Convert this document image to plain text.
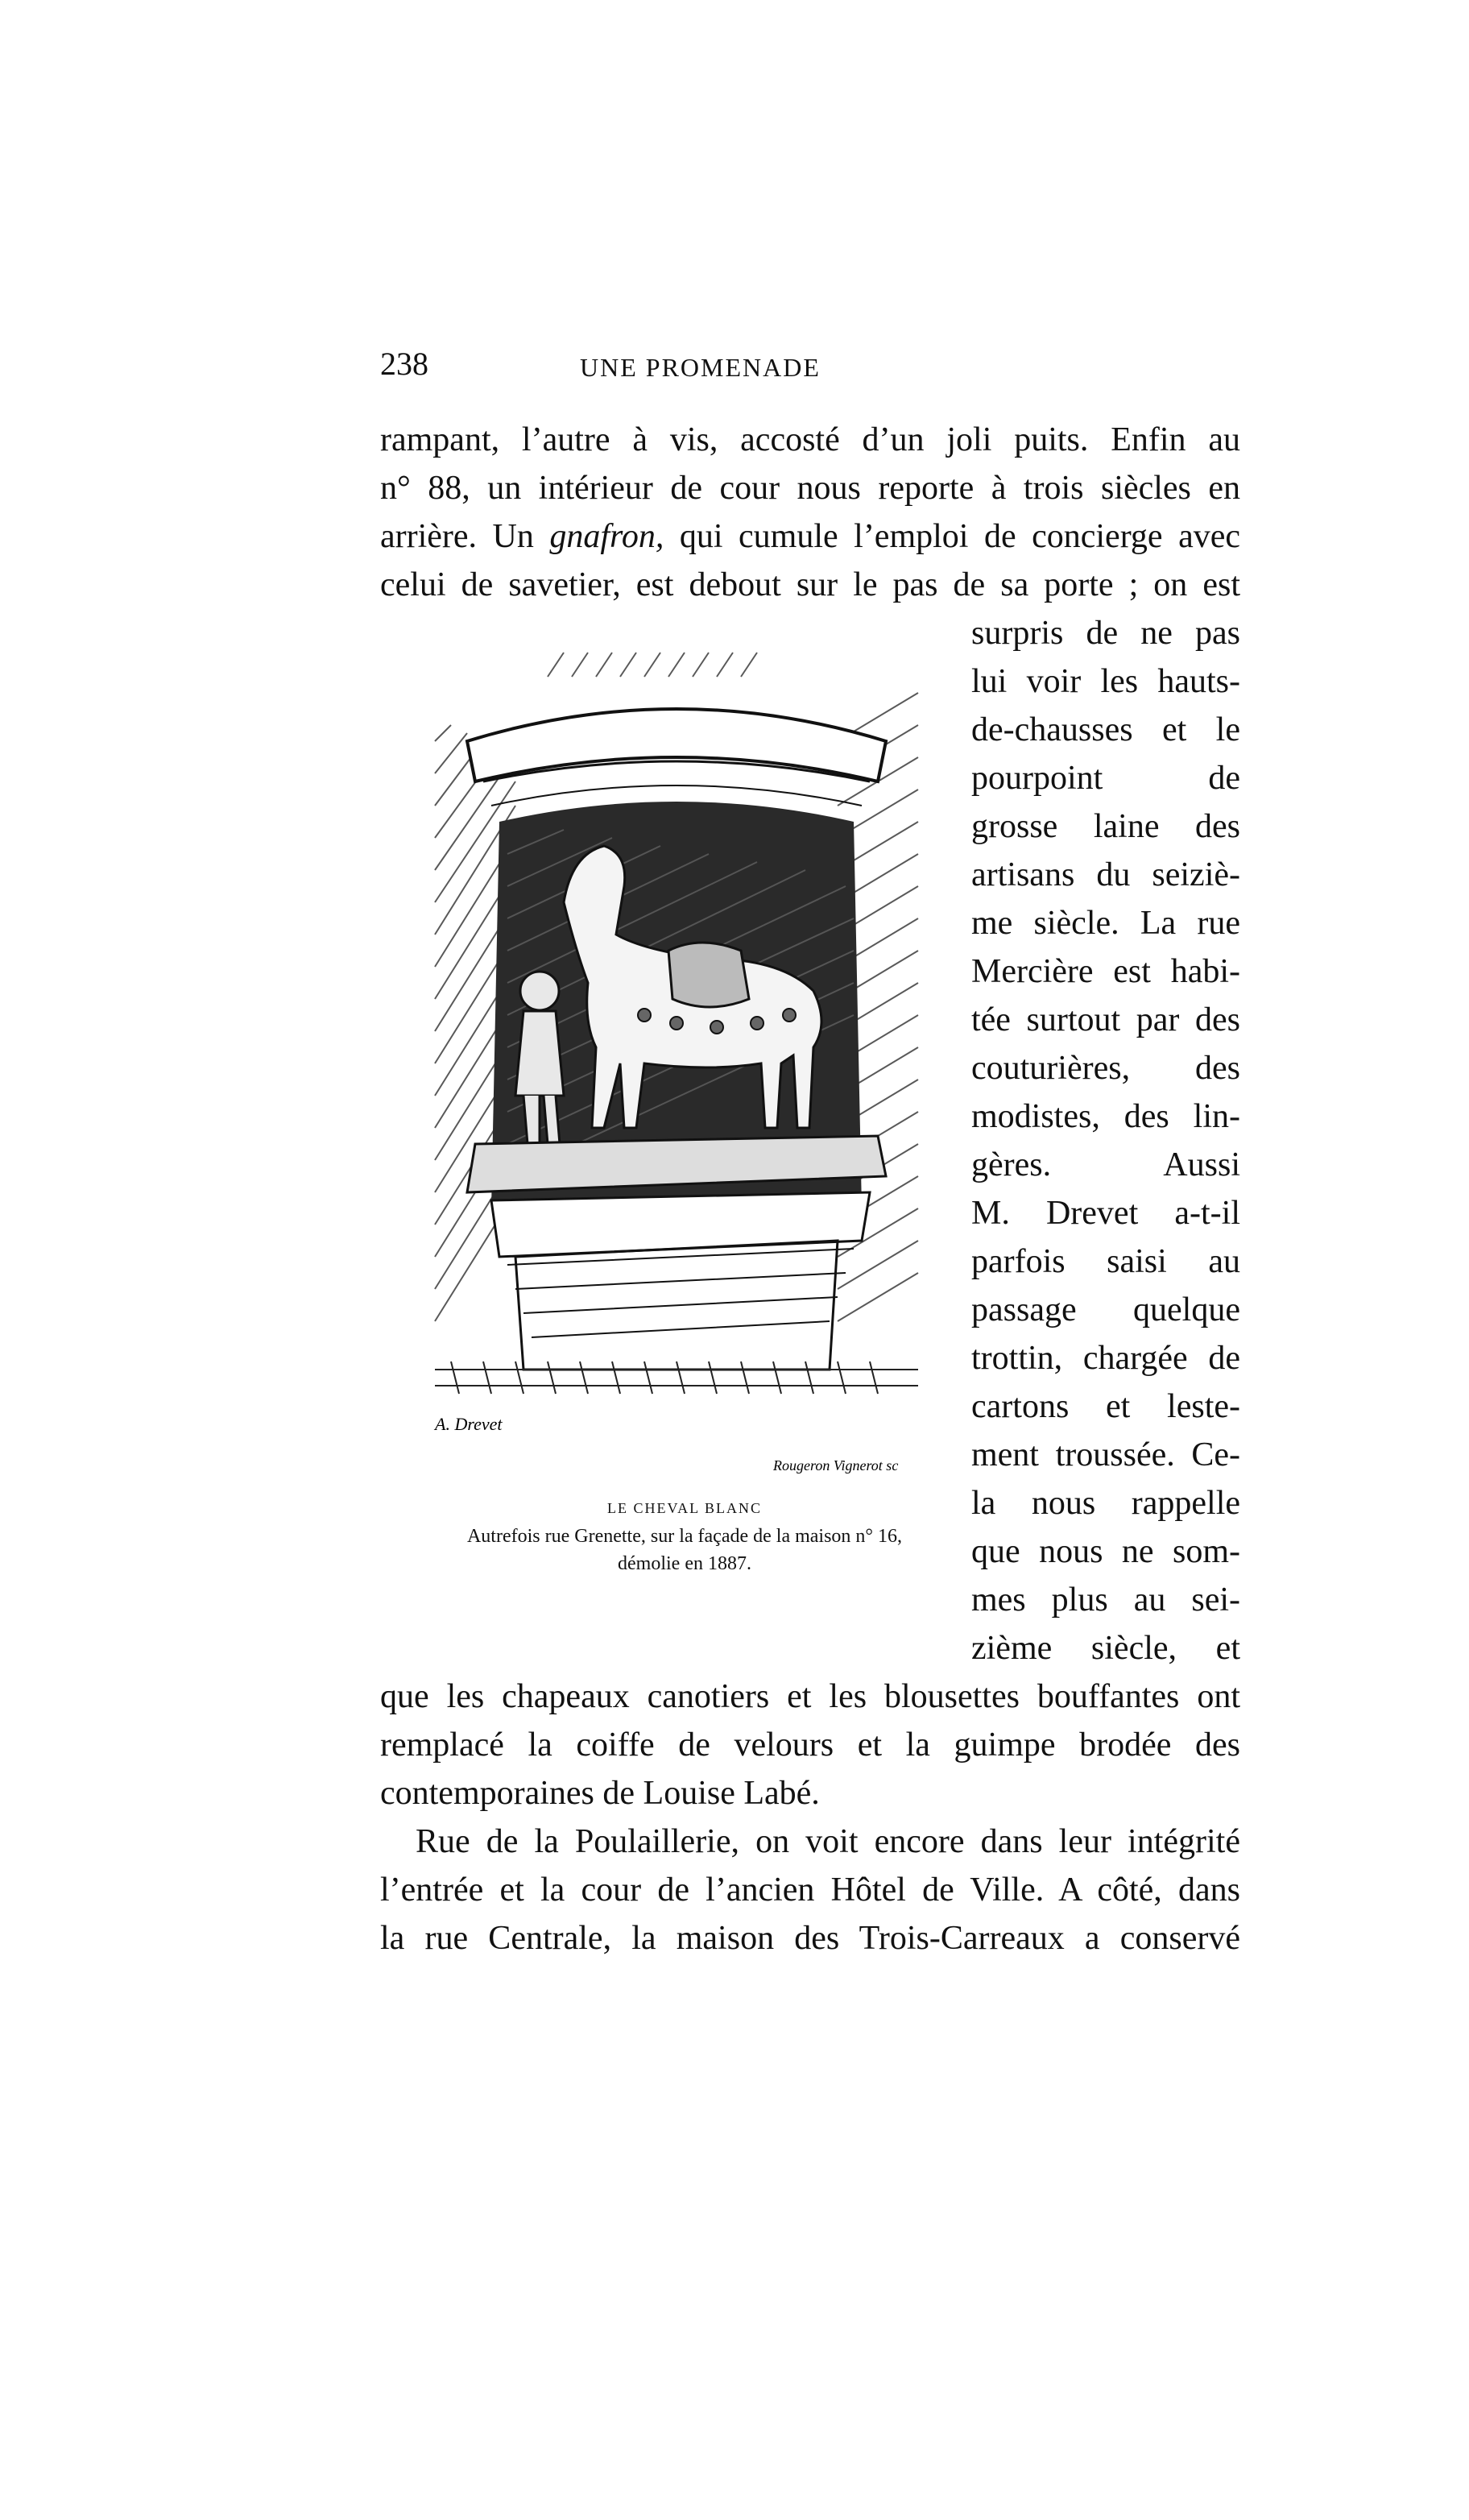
238	UNE PROMENADE
rampant, l’autre à vis, accosté d’un joli puits. Enfin au
n° 88, un intérieur de cour nous reporte à trois siècles en
arrière. Un gnafron, qui cumule l’emploi de concierge avec
celui de savetier, est debout sur le pas de sa porte ; on est
surpris de ne pas
lui voir les hauts-
de-chausses et le
pourpoint de
grosse laine des
artisans du seiziè-
me siècle. La rue
Mercière est habi-
tée surtout par des
couturières, des
modistes, des lin-
gères. Aussi
M. Drevet a-t-il
parfois saisi au
passage quelque
trottin, chargée de
cartons et leste-
ment troussée. Ce-
la nous rappelle
que nous ne som-
mes plus au sei-
zième siècle, et
A. Drevet
Rougeron Vignerot sc
LE CHEVAL BLANC
Autrefois rue Grenette, sur la façade de la maison n° 16,
démolie en 1887.
que les chapeaux canotiers et les blousettes bouffantes ont
remplacé la coiffe de velours et la guimpe brodée des
contemporaines de Louise Labé.
Rue de la Poulaillerie, on voit encore dans leur intégrité
l’entrée et la cour de l’ancien Hôtel de Ville. A côté, dans
la rue Centrale, la maison des Trois-Carreaux a conservé
